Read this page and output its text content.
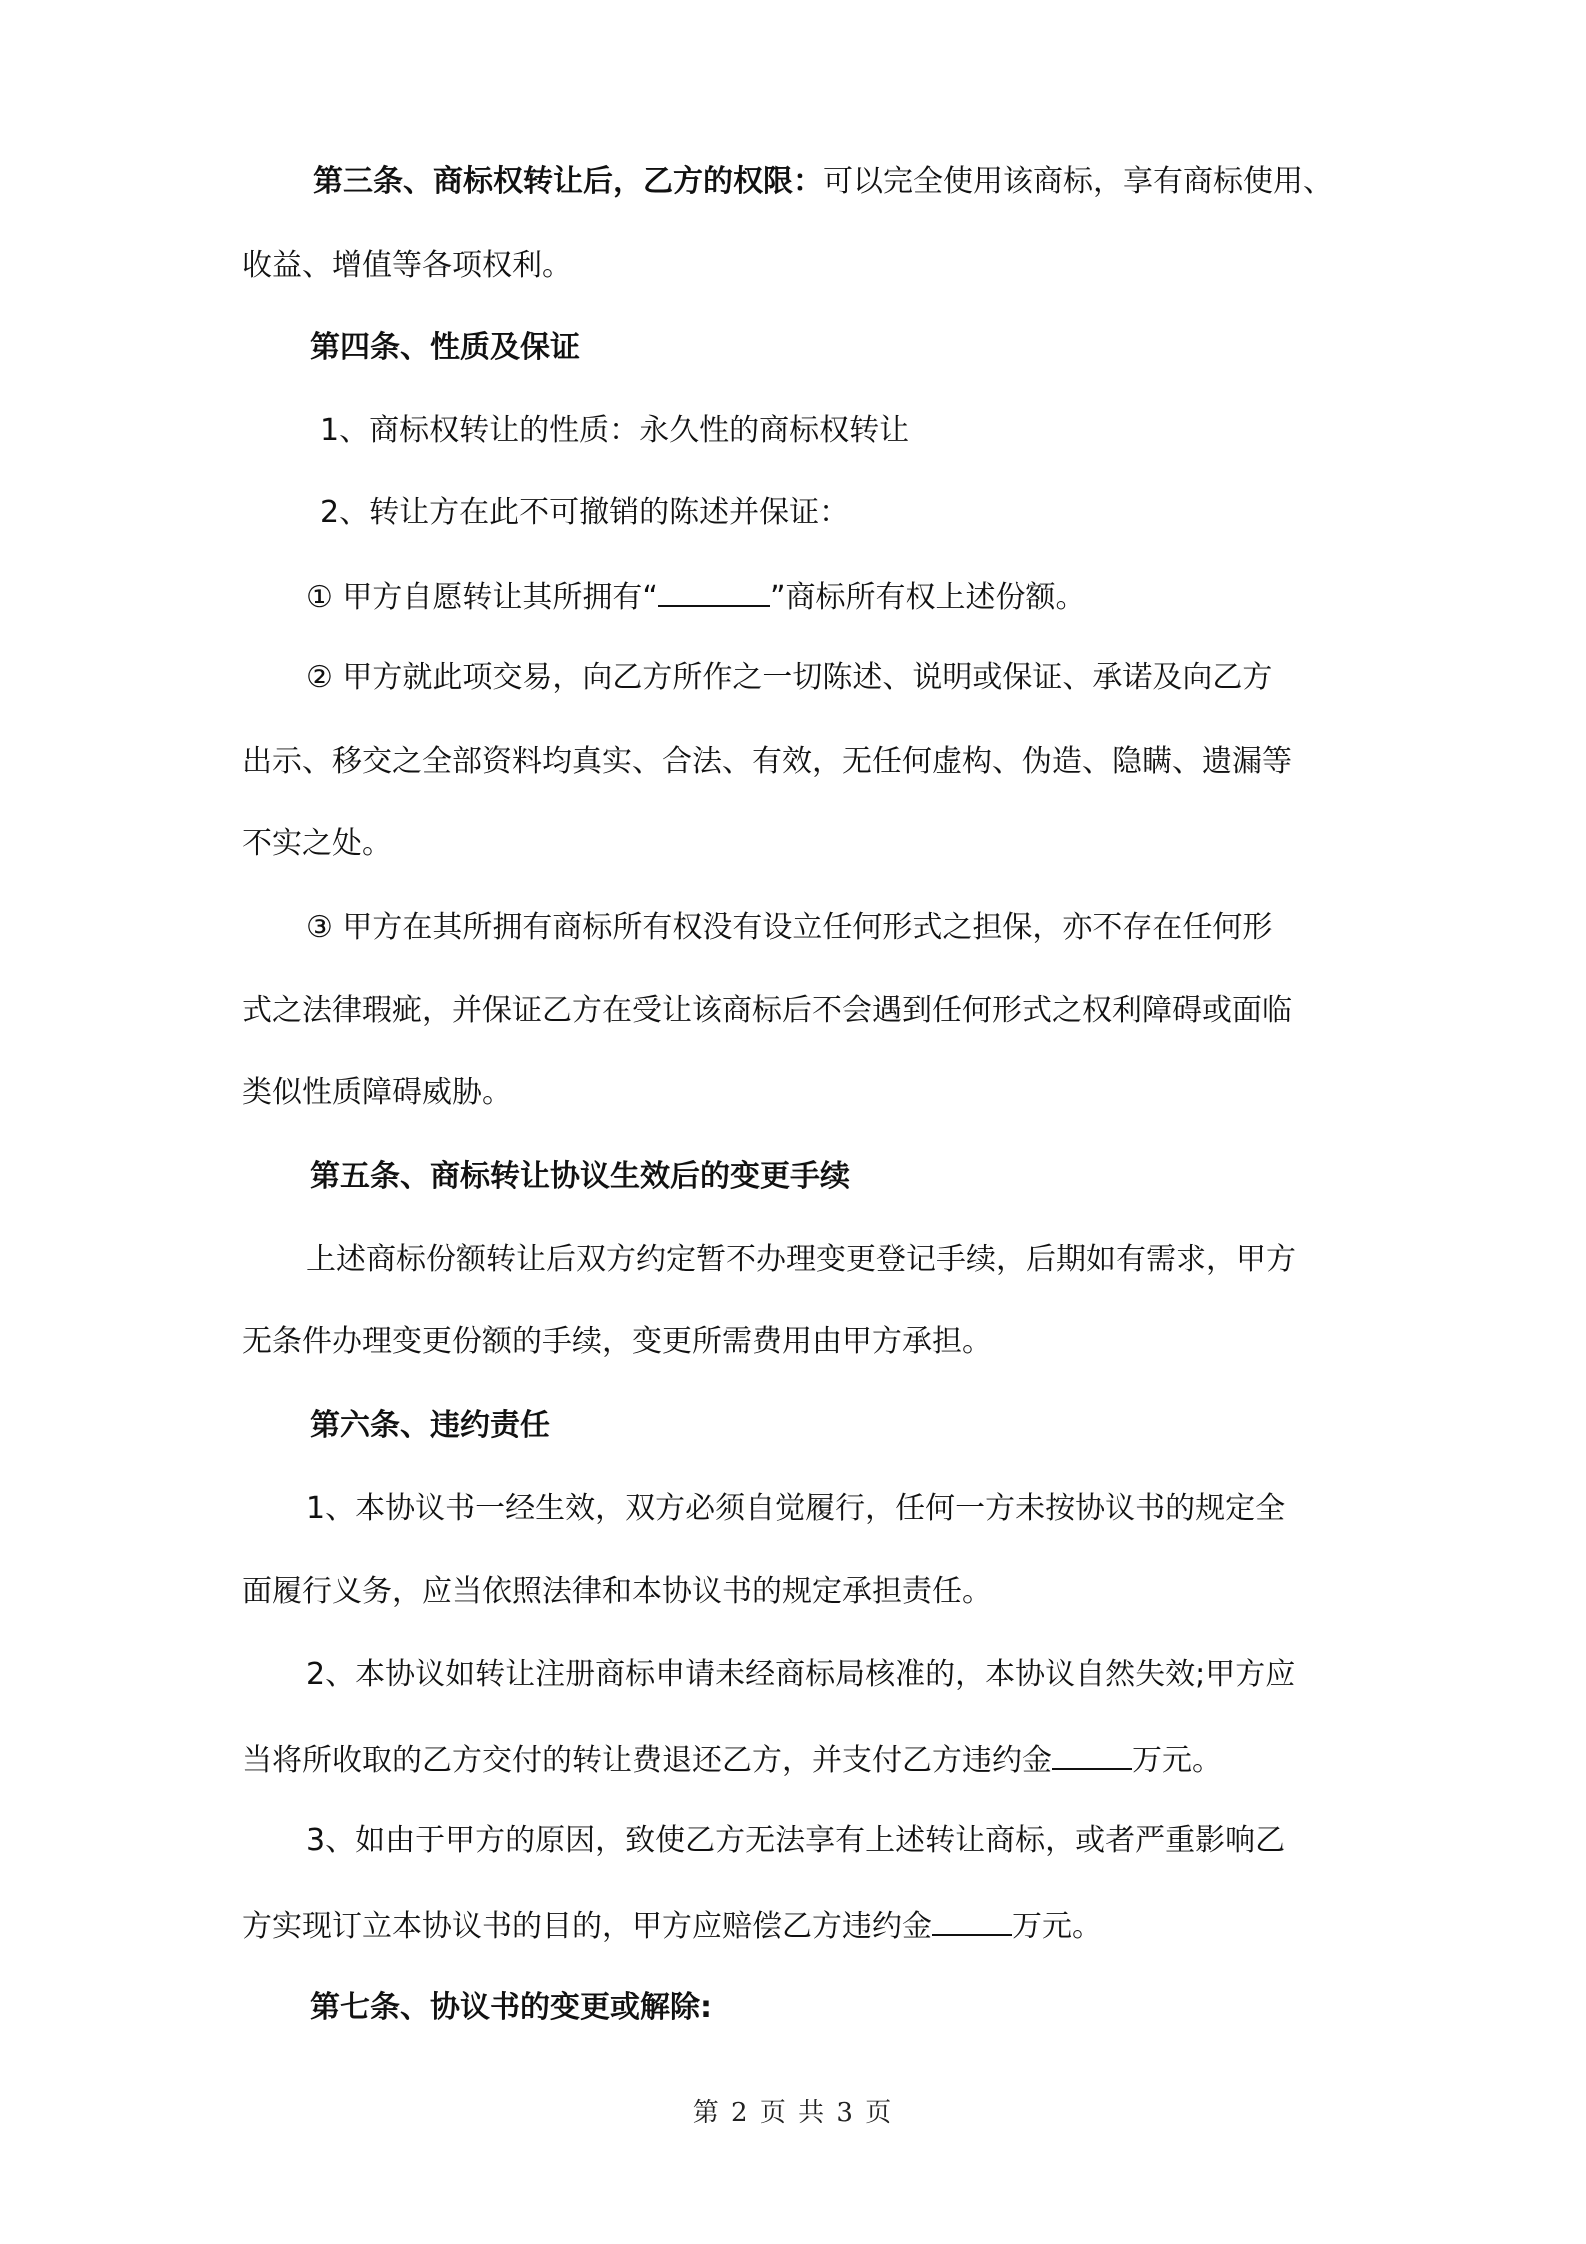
第三条、商标权转让后，乙方的权限：可以完全使用该商标，享有商标使用、
收益、增值等各项权利。
第四条、性质及保证
1、商标权转让的性质：永久性的商标权转让
2、转让方在此不可撤销的陈述并保证：
① 甲方自愿转让其所拥有“	”商标所有权上述份额。
② 甲方就此项交易，向乙方所作之一切陈述、说明或保证、承诺及向乙方
出示、移交之全部资料均真实、合法、有效，无任何虚构、伪造、隐瞒、遗漏等
不实之处。
③ 甲方在其所拥有商标所有权没有设立任何形式之担保，亦不存在任何形
式之法律瑕疵，并保证乙方在受让该商标后不会遇到任何形式之权利障碍或面临
类似性质障碍威胁。
第五条、商标转让协议生效后的变更手续
上述商标份额转让后双方约定暂不办理变更登记手续，后期如有需求，甲方
无条件办理变更份额的手续，变更所需费用由甲方承担。
第六条、违约责任
1、本协议书一经生效，双方必须自觉履行，任何一方未按协议书的规定全
面履行义务，应当依照法律和本协议书的规定承担责任。
2、本协议如转让注册商标申请未经商标局核准的，本协议自然失效;甲方应
当将所收取的乙方交付的转让费退还乙方，并支付乙方违约金	万元。
3、如由于甲方的原因，致使乙方无法享有上述转让商标，或者严重影响乙
方实现订立本协议书的目的，甲方应赔偿乙方违约金	万元。
第七条、协议书的变更或解除:
第 2 页 共 3 页
